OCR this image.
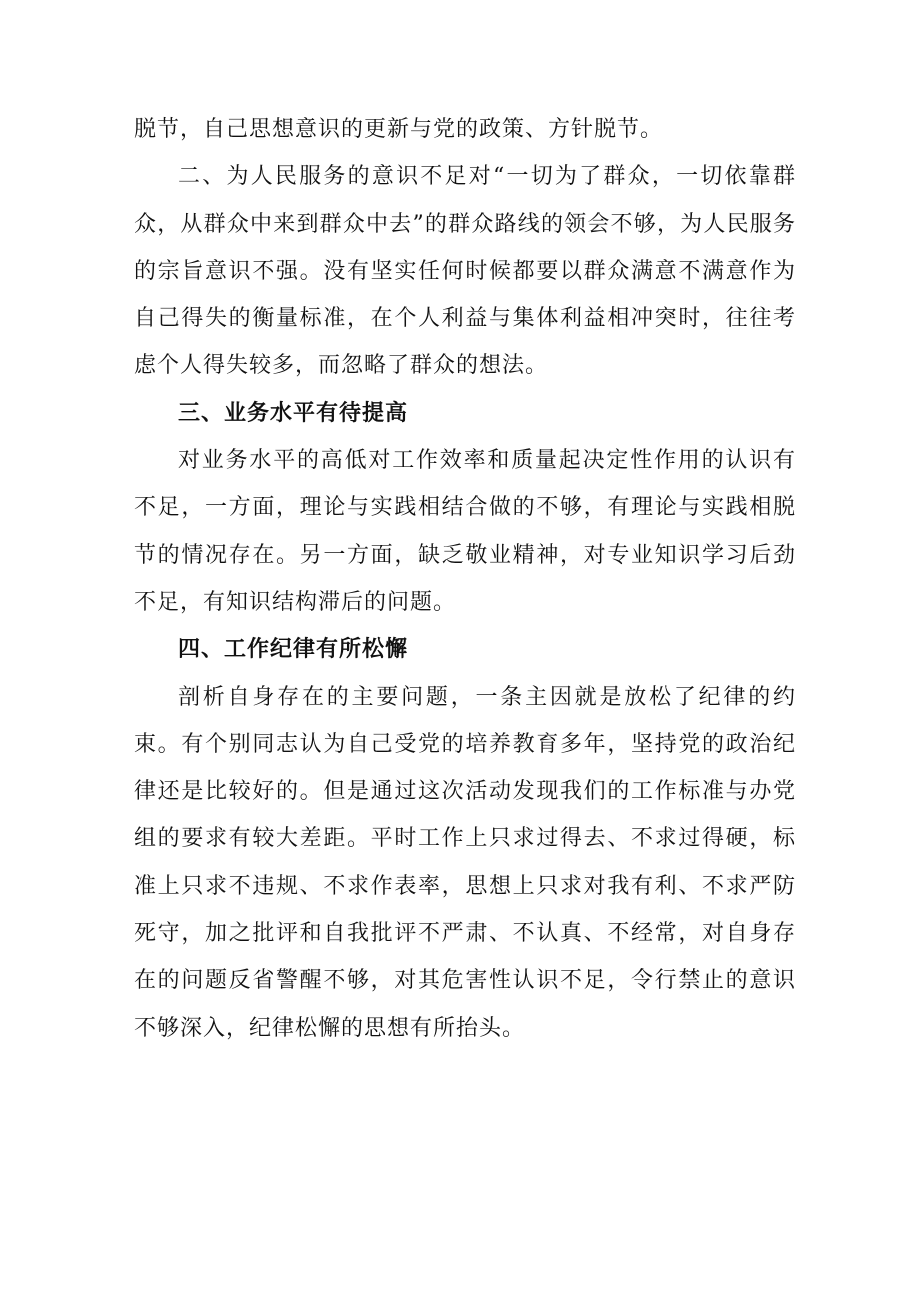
脱节，自己思想意识的更新与党的政策、方针脱节。

二、为人民服务的意识不足对“一切为了群众，一切依靠群众，从群众中来到群众中去”的群众路线的领会不够，为人民服务的宗旨意识不强。没有坚实任何时候都要以群众满意不满意作为自己得失的衡量标准，在个人利益与集体利益相冲突时，往往考虑个人得失较多，而忽略了群众的想法。

三、业务水平有待提高

对业务水平的高低对工作效率和质量起决定性作用的认识有不足，一方面，理论与实践相结合做的不够，有理论与实践相脱节的情况存在。另一方面，缺乏敬业精神，对专业知识学习后劲不足，有知识结构滞后的问题。

四、工作纪律有所松懈

剖析自身存在的主要问题，一条主因就是放松了纪律的约束。有个别同志认为自己受党的培养教育多年，坚持党的政治纪律还是比较好的。但是通过这次活动发现我们的工作标准与办党组的要求有较大差距。平时工作上只求过得去、不求过得硬，标准上只求不违规、不求作表率，思想上只求对我有利、不求严防死守，加之批评和自我批评不严肃、不认真、不经常，对自身存在的问题反省警醒不够，对其危害性认识不足，令行禁止的意识不够深入，纪律松懈的思想有所抬头。
